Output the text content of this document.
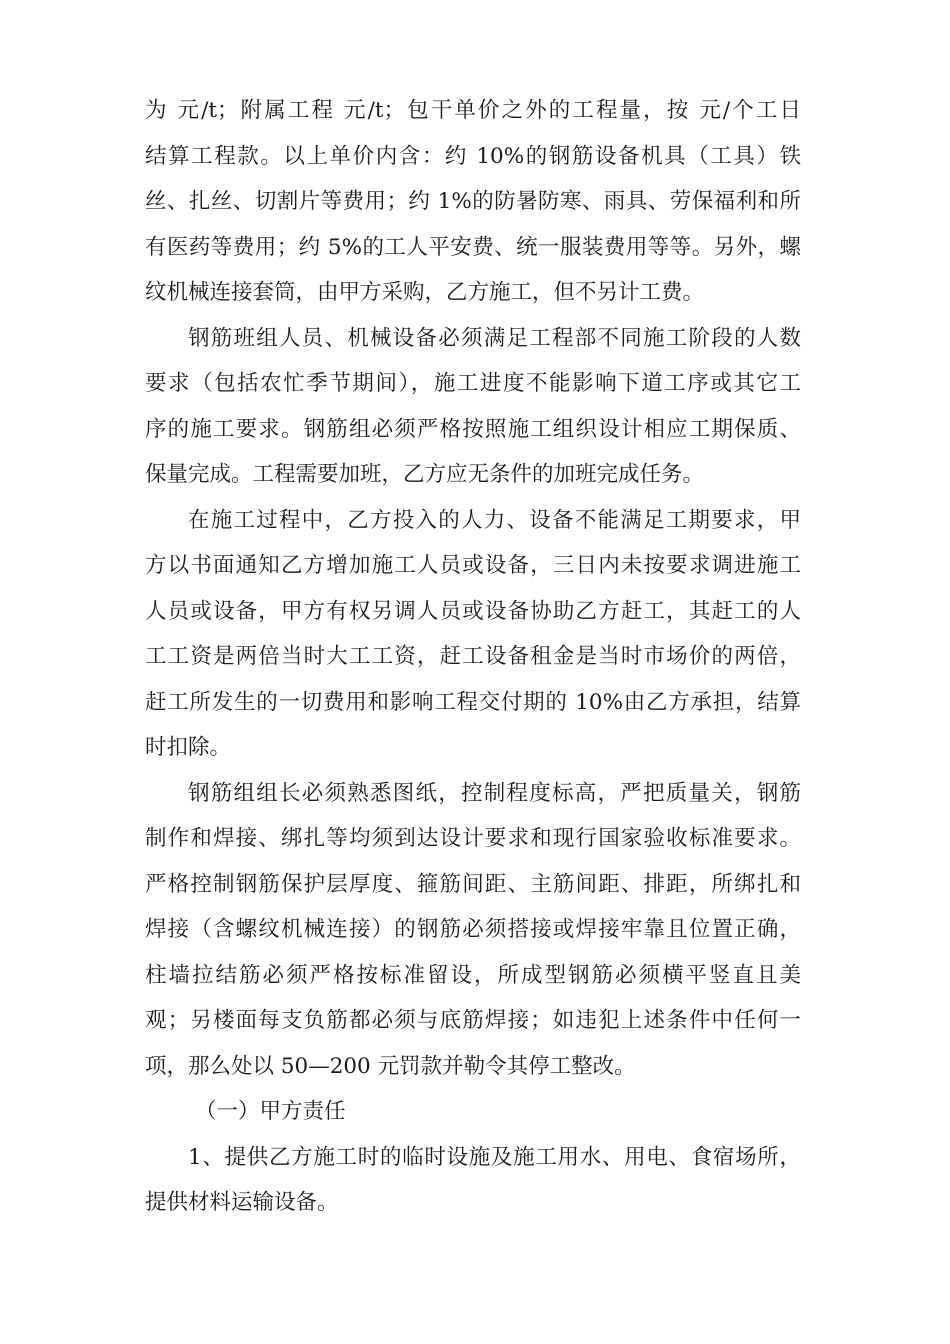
为 元/t；附属工程 元/t；包干单价之外的工程量，按 元/个工日
结算工程款。以上单价内含：约 10%的钢筋设备机具（工具）铁
丝、扎丝、切割片等费用；约 1%的防暑防寒、雨具、劳保福利和所
有医药等费用；约 5%的工人平安费、统一服装费用等等。另外，螺
纹机械连接套筒，由甲方采购，乙方施工，但不另计工费。
钢筋班组人员、机械设备必须满足工程部不同施工阶段的人数
要求（包括农忙季节期间），施工进度不能影响下道工序或其它工
序的施工要求。钢筋组必须严格按照施工组织设计相应工期保质、
保量完成。工程需要加班，乙方应无条件的加班完成任务。
在施工过程中，乙方投入的人力、设备不能满足工期要求，甲
方以书面通知乙方增加施工人员或设备，三日内未按要求调进施工
人员或设备，甲方有权另调人员或设备协助乙方赶工，其赶工的人
工工资是两倍当时大工工资，赶工设备租金是当时市场价的两倍，
赶工所发生的一切费用和影响工程交付期的 10%由乙方承担，结算
时扣除。
钢筋组组长必须熟悉图纸，控制程度标高，严把质量关，钢筋
制作和焊接、绑扎等均须到达设计要求和现行国家验收标准要求。
严格控制钢筋保护层厚度、箍筋间距、主筋间距、排距，所绑扎和
焊接（含螺纹机械连接）的钢筋必须搭接或焊接牢靠且位置正确，
柱墙拉结筋必须严格按标准留设，所成型钢筋必须横平竖直且美
观；另楼面每支负筋都必须与底筋焊接；如违犯上述条件中任何一
项，那么处以 50—200 元罚款并勒令其停工整改。
（一）甲方责任
1、提供乙方施工时的临时设施及施工用水、用电、食宿场所，
提供材料运输设备。
